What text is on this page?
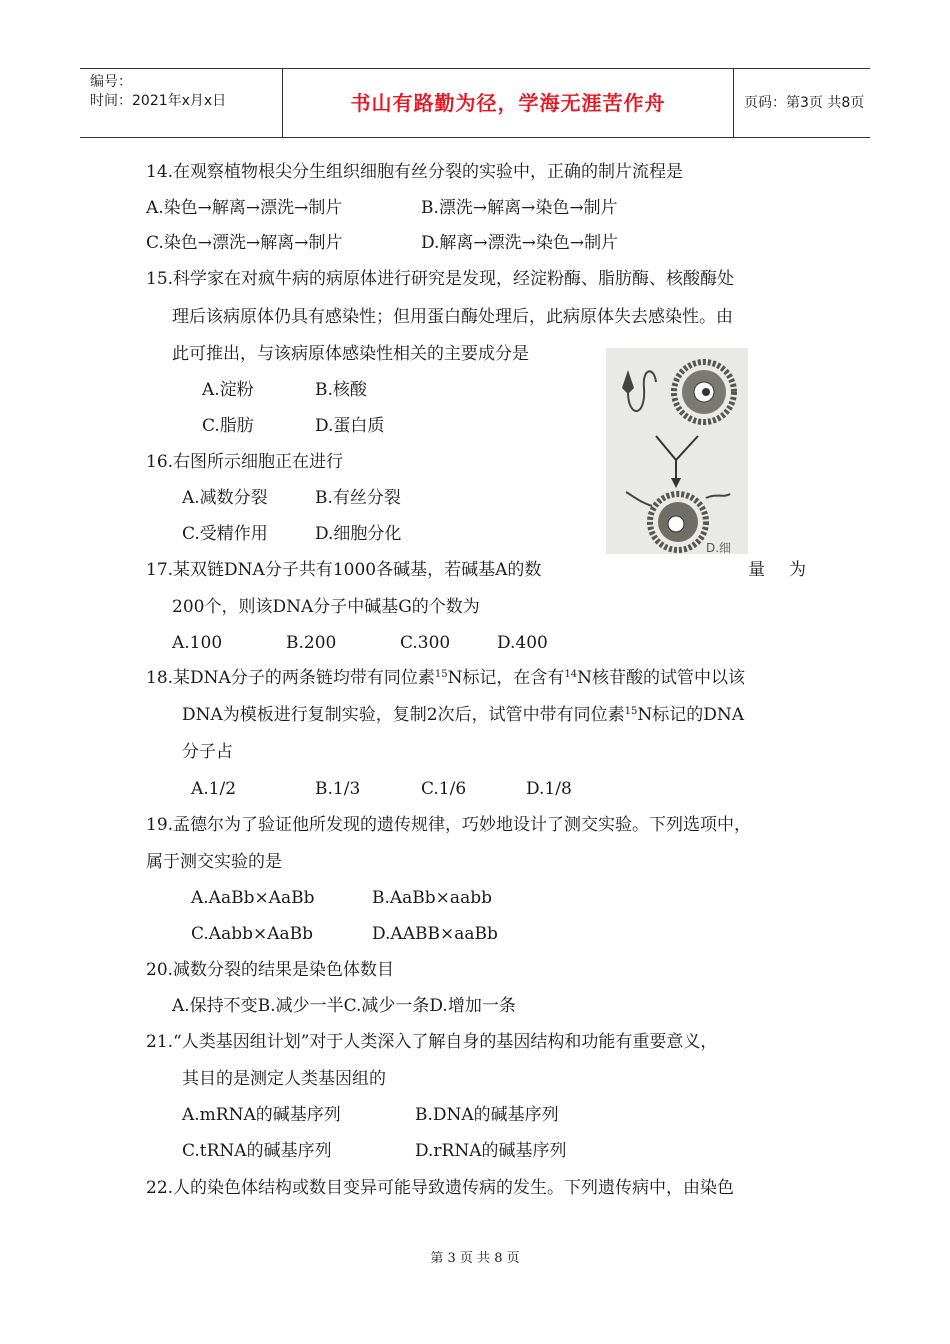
编号：
时间：2021年x月x日	书山有路勤为径，学海无涯苦作舟	页码：第3页 共8页
14.在观察植物根尖分生组织细胞有丝分裂的实验中，正确的制片流程是
A.染色→解离→漂洗→制片	B.漂洗→解离→染色→制片
C.染色→漂洗→解离→制片	D.解离→漂洗→染色→制片
15.科学家在对疯牛病的病原体进行研究是发现，经淀粉酶、脂肪酶、核酸酶处
理后该病原体仍具有感染性；但用蛋白酶处理后，此病原体失去感染性。由
此可推出，与该病原体感染性相关的主要成分是
A.淀粉	B.核酸
C.脂肪	D.蛋白质
D.细
16.右图所示细胞正在进行
A.减数分裂	B.有丝分裂
C.受精作用	D.细胞分化
17.某双链DNA分子共有1000各碱基，若碱基A的数	量 为
200个，则该DNA分子中碱基G的个数为
A.100	B.200	C.300	D.400
18.某DNA分子的两条链均带有同位素$^{15}$N标记，在含有$^{14}$N核苷酸的试管中以该
DNA为模板进行复制实验，复制2次后，试管中带有同位素$^{15}$N标记的DNA
分子占
A.1/2	B.1/3	C.1/6	D.1/8
19.孟德尔为了验证他所发现的遗传规律，巧妙地设计了测交实验。下列选项中，
属于测交实验的是
A.AaBb×AaBb	B.AaBb×aabb
C.Aabb×AaBb	D.AABB×aaBb
20.减数分裂的结果是染色体数目
A.保持不变B.减少一半C.减少一条D.增加一条
21.“人类基因组计划”对于人类深入了解自身的基因结构和功能有重要意义，
其目的是测定人类基因组的
A.mRNA的碱基序列	B.DNA的碱基序列
C.tRNA的碱基序列	D.rRNA的碱基序列
22.人的染色体结构或数目变异可能导致遗传病的发生。下列遗传病中，由染色
第 3 页 共 8 页
